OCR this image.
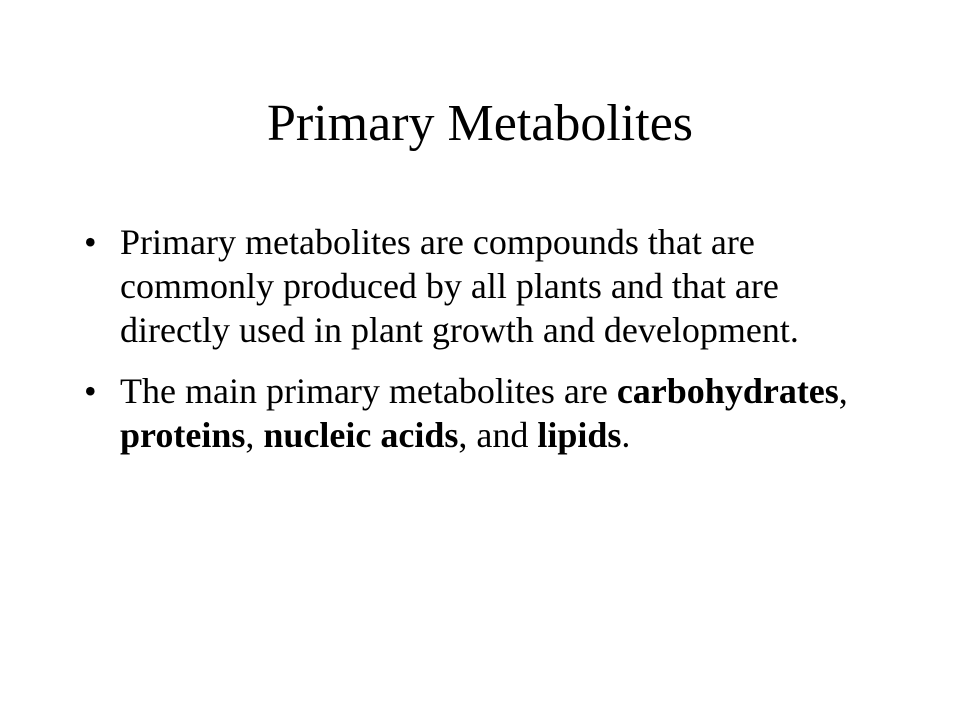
Primary Metabolites
• Primary metabolites are compounds that are commonly produced by all plants and that are directly used in plant growth and development.
• The main primary metabolites are carbohydrates, proteins, nucleic acids, and lipids.
